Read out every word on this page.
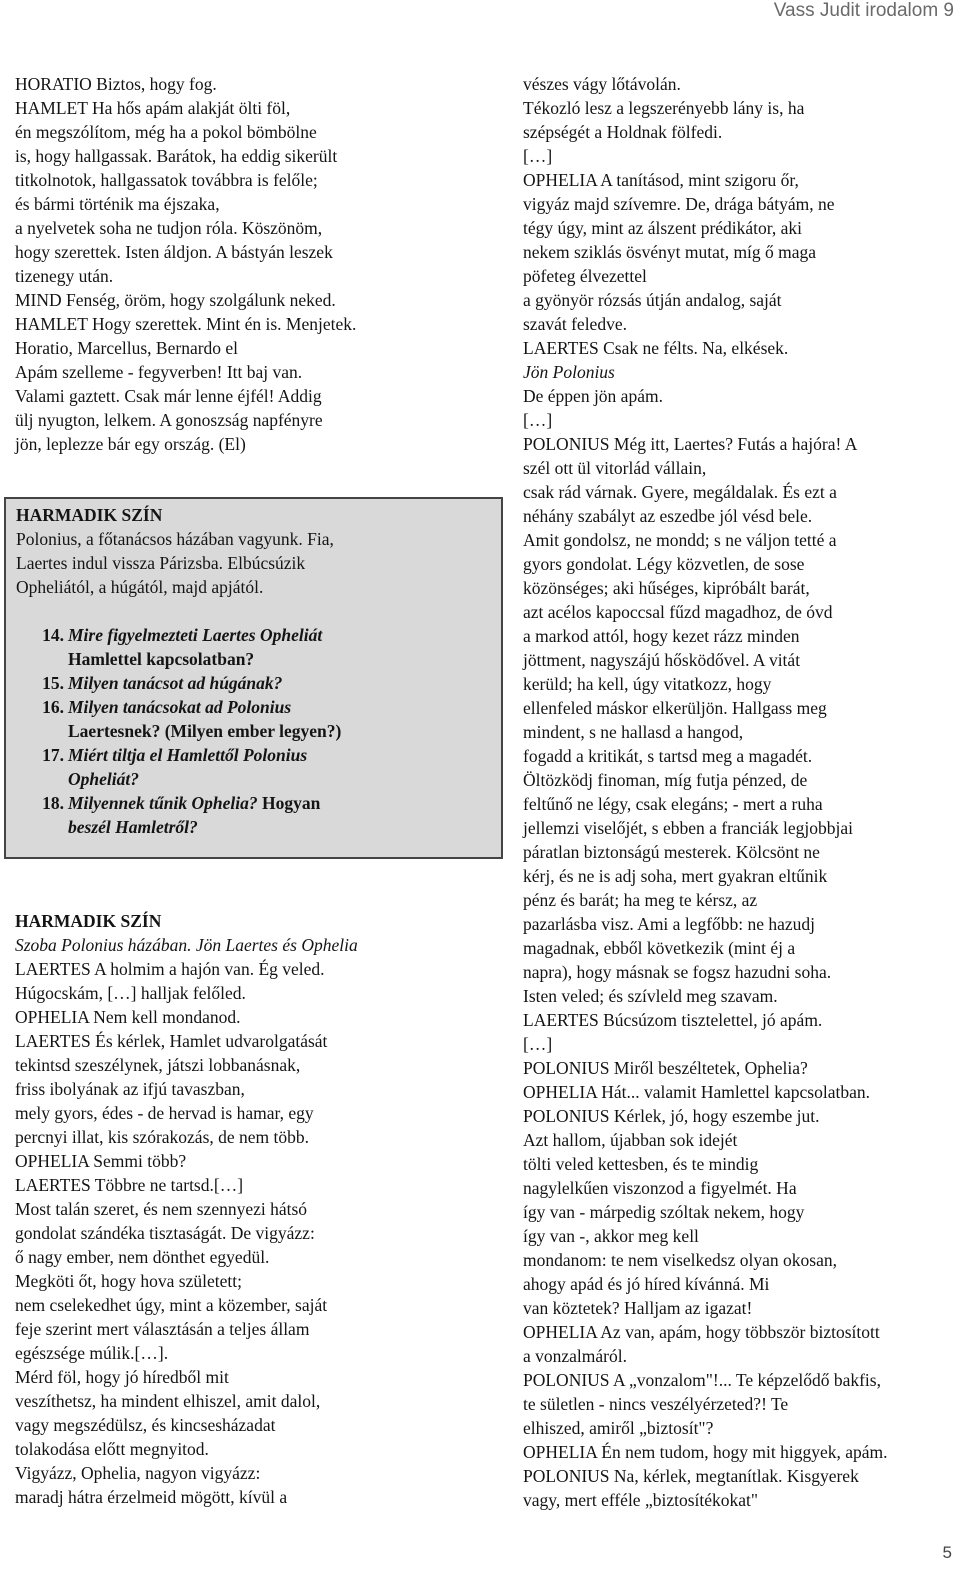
Vass Judit irodalom 9

HORATIO Biztos, hogy fog.

HAMLET Ha hős apám alakját ölti föl,

én megszólítom, még ha a pokol bömbölne

is, hogy hallgassak. Barátok, ha eddig sikerült

titkolnotok, hallgassatok továbbra is felőle;

és bármi történik ma éjszaka,

a nyelvetek soha ne tudjon róla. Köszönöm,

hogy szerettek. Isten áldjon. A bástyán leszek

tizenegy után.

MIND Fenség, öröm, hogy szolgálunk neked.

HAMLET Hogy szerettek. Mint én is. Menjetek.

Horatio, Marcellus, Bernardo el

Apám szelleme - fegyverben! Itt baj van.

Valami gaztett. Csak már lenne éjfél! Addig

ülj nyugton, lelkem. A gonoszság napfényre

jön, leplezze bár egy ország. (El)

HARMADIK SZÍN

Polonius, a főtanácsos házában vagyunk. Fia,

Laertes indul vissza Párizsba. Elbúcsúzik

Opheliától, a húgától, majd apjától.

14. Mire figyelmezteti Laertes Opheliát
Hamlettel kapcsolatban?
15. Milyen tanácsot ad húgának?
16. Milyen tanácsokat ad Polonius
Laertesnek? (Milyen ember legyen?)
17. Miért tiltja el Hamlettől Polonius
Opheliát?
18. Milyennek tűnik Ophelia? Hogyan
beszél Hamletről?

HARMADIK SZÍN

Szoba Polonius házában. Jön Laertes és Ophelia

LAERTES A holmim a hajón van. Ég veled.

Húgocskám, […] halljak felőled.

OPHELIA Nem kell mondanod.

LAERTES És kérlek, Hamlet udvarolgatását

tekintsd szeszélynek, játszi lobbanásnak,

friss ibolyának az ifjú tavaszban,

mely gyors, édes - de hervad is hamar, egy

percnyi illat, kis szórakozás, de nem több.

OPHELIA Semmi több?

LAERTES Többre ne tartsd.[…]

Most talán szeret, és nem szennyezi hátsó

gondolat szándéka tisztaságát. De vigyázz:

ő nagy ember, nem dönthet egyedül.

Megköti őt, hogy hova született;

nem cselekedhet úgy, mint a közember, saját

feje szerint mert választásán a teljes állam

egészsége múlik.[…].

Mérd föl, hogy jó híredből mit

veszíthetsz, ha mindent elhiszel, amit dalol,

vagy megszédülsz, és kincsesházadat

tolakodása előtt megnyitod.

Vigyázz, Ophelia, nagyon vigyázz:

maradj hátra érzelmeid mögött, kívül a

vészes vágy lőtávolán.

Tékozló lesz a legszerényebb lány is, ha

szépségét a Holdnak fölfedi.

[…]

OPHELIA A tanításod, mint szigoru őr,

vigyáz majd szívemre. De, drága bátyám, ne

tégy úgy, mint az álszent prédikátor, aki

nekem sziklás ösvényt mutat, míg ő maga

pöfeteg élvezettel

a gyönyör rózsás útján andalog, saját

szavát feledve.

LAERTES Csak ne félts. Na, elkések.

Jön Polonius

De éppen jön apám.

[…]

POLONIUS Még itt, Laertes? Futás a hajóra! A

szél ott ül vitorlád vállain,

csak rád várnak. Gyere, megáldalak. És ezt a

néhány szabályt az eszedbe jól vésd bele.

Amit gondolsz, ne mondd; s ne váljon tetté a

gyors gondolat. Légy közvetlen, de sose

közönséges; aki hűséges, kipróbált barát,

azt acélos kapoccsal fűzd magadhoz, de óvd

a markod attól, hogy kezet rázz minden

jöttment, nagyszájú hősködővel. A vitát

kerüld; ha kell, úgy vitatkozz, hogy

ellenfeled máskor elkerüljön. Hallgass meg

mindent, s ne hallasd a hangod,

fogadd a kritikát, s tartsd meg a magadét.

Öltözködj finoman, míg futja pénzed, de

feltűnő ne légy, csak elegáns; - mert a ruha

jellemzi viselőjét, s ebben a franciák legjobbjai

páratlan biztonságú mesterek. Kölcsönt ne

kérj, és ne is adj soha, mert gyakran eltűnik

pénz és barát; ha meg te kérsz, az

pazarlásba visz. Ami a legfőbb: ne hazudj

magadnak, ebből következik (mint éj a

napra), hogy másnak se fogsz hazudni soha.

Isten veled; és szívleld meg szavam.

LAERTES Búcsúzom tisztelettel, jó apám.

[…]

POLONIUS Miről beszéltetek, Ophelia?

OPHELIA Hát... valamit Hamlettel kapcsolatban.

POLONIUS Kérlek, jó, hogy eszembe jut.

Azt hallom, újabban sok idejét

tölti veled kettesben, és te mindig

nagylelkűen viszonzod a figyelmét. Ha

így van - márpedig szóltak nekem, hogy

így van -, akkor meg kell

mondanom: te nem viselkedsz olyan okosan,

ahogy apád és jó híred kívánná. Mi

van köztetek? Halljam az igazat!

OPHELIA Az van, apám, hogy többször biztosított

a vonzalmáról.

POLONIUS A „vonzalom"!... Te képzelődő bakfis,

te sületlen - nincs veszélyérzeted?! Te

elhiszed, amiről „biztosít"?

OPHELIA Én nem tudom, hogy mit higgyek, apám.

POLONIUS Na, kérlek, megtanítlak. Kisgyerek

vagy, mert efféle „biztosítékokat"

5
